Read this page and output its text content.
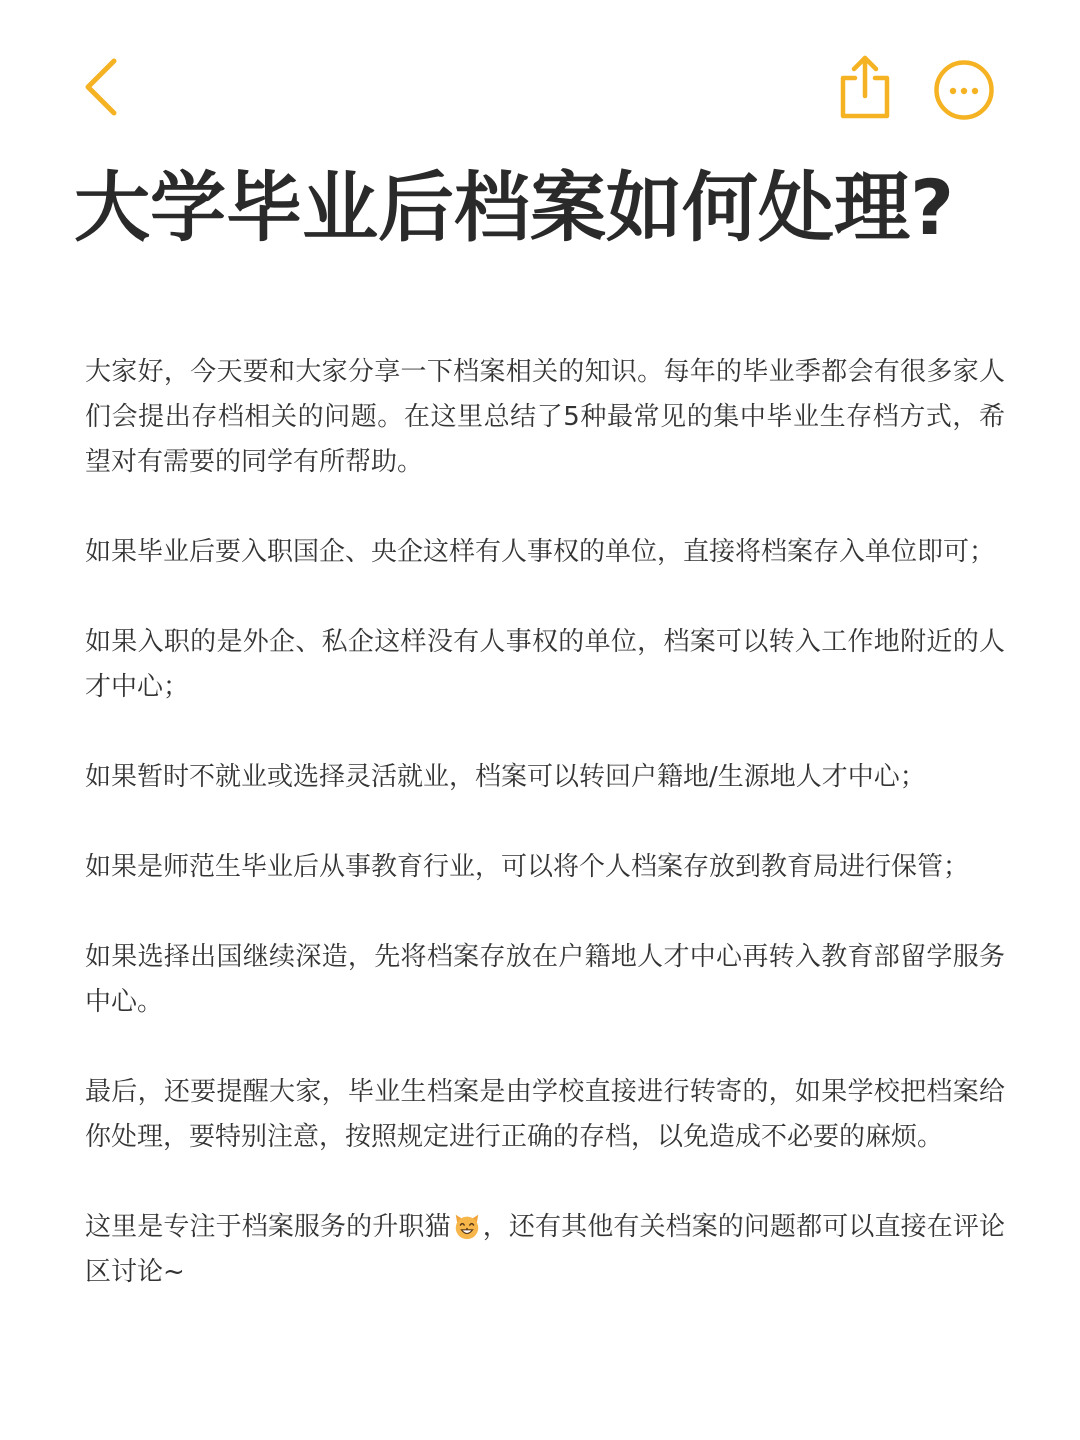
大学毕业后档案如何处理?

大家好，今天要和大家分享一下档案相关的知识。每年的毕业季都会有很多家人们会提出存档相关的问题。在这里总结了5种最常见的集中毕业生存档方式，希望对有需要的同学有所帮助。

如果毕业后要入职国企、央企这样有人事权的单位，直接将档案存入单位即可；

如果入职的是外企、私企这样没有人事权的单位，档案可以转入工作地附近的人才中心；

如果暂时不就业或选择灵活就业，档案可以转回户籍地/生源地人才中心；

如果是师范生毕业后从事教育行业，可以将个人档案存放到教育局进行保管；

如果选择出国继续深造，先将档案存放在户籍地人才中心再转入教育部留学服务中心。

最后，还要提醒大家，毕业生档案是由学校直接进行转寄的，如果学校把档案给你处理，要特别注意，按照规定进行正确的存档，以免造成不必要的麻烦。

这里是专注于档案服务的升职猫 ，还有其他有关档案的问题都可以直接在评论区讨论~
